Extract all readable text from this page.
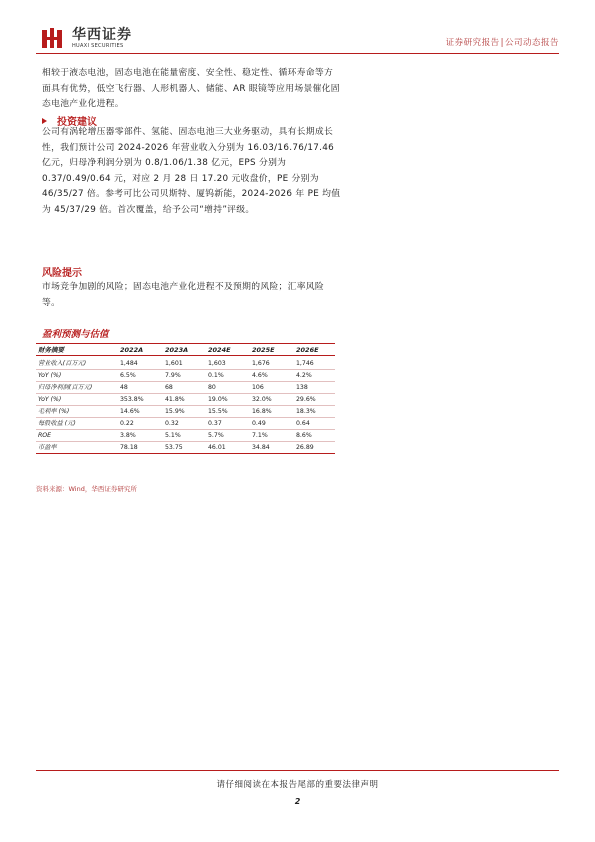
华西证券
HUAXI SECURITIES	证券研究报告|公司动态报告
相较于液态电池，固态电池在能量密度、安全性、稳定性、循环寿命等方面具有优势，低空飞行器、人形机器人、储能、AR 眼镜等应用场景催化固态电池产业化进程。
投资建议
公司有涡轮增压器零部件、氢能、固态电池三大业务驱动，具有长期成长性，我们预计公司 2024-2026 年营业收入分别为 16.03/16.76/17.46 亿元，归母净利润分别为 0.8/1.06/1.38 亿元，EPS 分别为 0.37/0.49/0.64 元，对应 2 月 28 日 17.20 元收盘价，PE 分别为 46/35/27 倍。参考可比公司贝斯特、厦钨新能，2024-2026 年 PE 均值为 45/37/29 倍。首次覆盖，给予公司“增持”评级。
风险提示
市场竞争加剧的风险；固态电池产业化进程不及预期的风险；汇率风险等。
盈利预测与估值
财务摘要	2022A	2023A	2024E	2025E	2026E
营业收入(百万元)	1,484	1,601	1,603	1,676	1,746
YoY (%)	6.5%	7.9%	0.1%	4.6%	4.2%
归母净利润(百万元)	48	68	80	106	138
YoY (%)	353.8%	41.8%	19.0%	32.0%	29.6%
毛利率 (%)	14.6%	15.9%	15.5%	16.8%	18.3%
每股收益 (元)	0.22	0.32	0.37	0.49	0.64
ROE	3.8%	5.1%	5.7%	7.1%	8.6%
市盈率	78.18	53.75	46.01	34.84	26.89
资料来源：Wind，华西证券研究所
请仔细阅读在本报告尾部的重要法律声明
2
